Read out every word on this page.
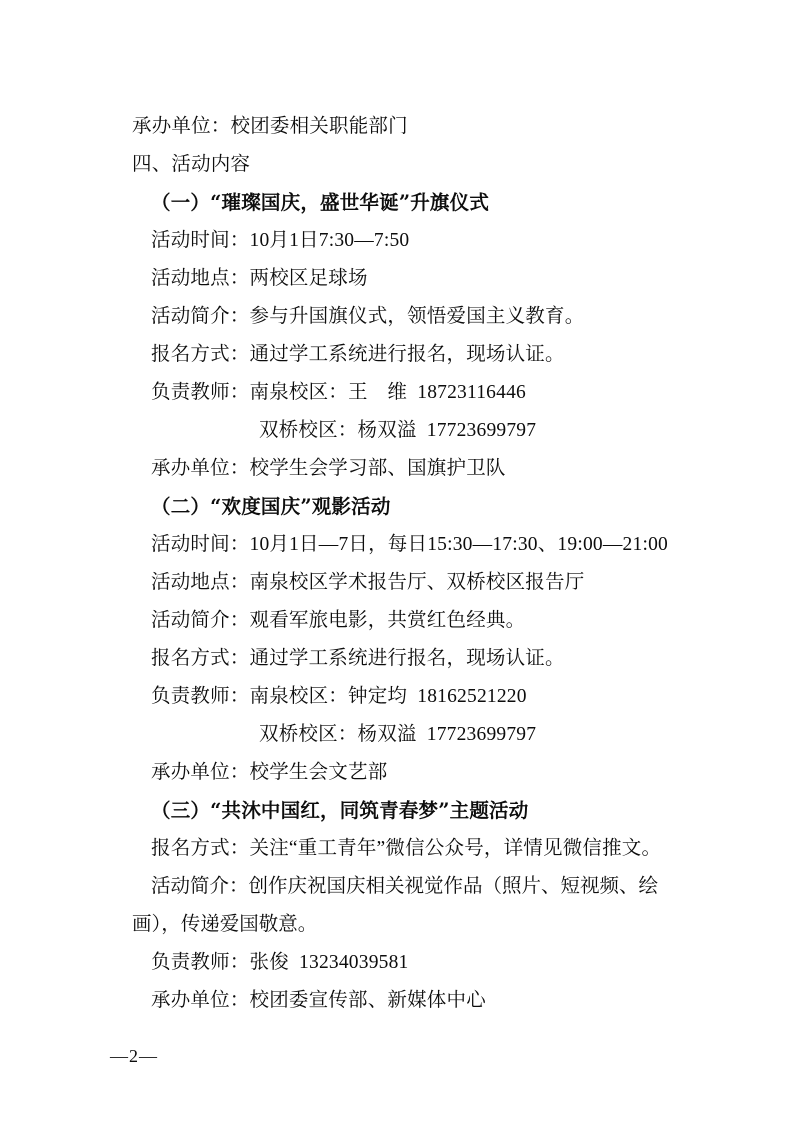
承办单位：校团委相关职能部门
四、活动内容
（一）“璀璨国庆，盛世华诞”升旗仪式
活动时间：10月1日7:30—7:50
活动地点：两校区足球场
活动简介：参与升国旗仪式，领悟爱国主义教育。
报名方式：通过学工系统进行报名，现场认证。
负责教师：南泉校区：王　维  18723116446
双桥校区：杨双溢  17723699797
承办单位：校学生会学习部、国旗护卫队
（二）“欢度国庆”观影活动
活动时间：10月1日—7日，每日15:30—17:30、19:00—21:00
活动地点：南泉校区学术报告厅、双桥校区报告厅
活动简介：观看军旅电影，共赏红色经典。
报名方式：通过学工系统进行报名，现场认证。
负责教师：南泉校区：钟定均  18162521220
双桥校区：杨双溢  17723699797
承办单位：校学生会文艺部
（三）“共沐中国红，同筑青春梦”主题活动
报名方式：关注“重工青年”微信公众号，详情见微信推文。
活动简介：创作庆祝国庆相关视觉作品（照片、短视频、绘画），传递爱国敬意。
负责教师：张俊  13234039581
承办单位：校团委宣传部、新媒体中心
—2—
